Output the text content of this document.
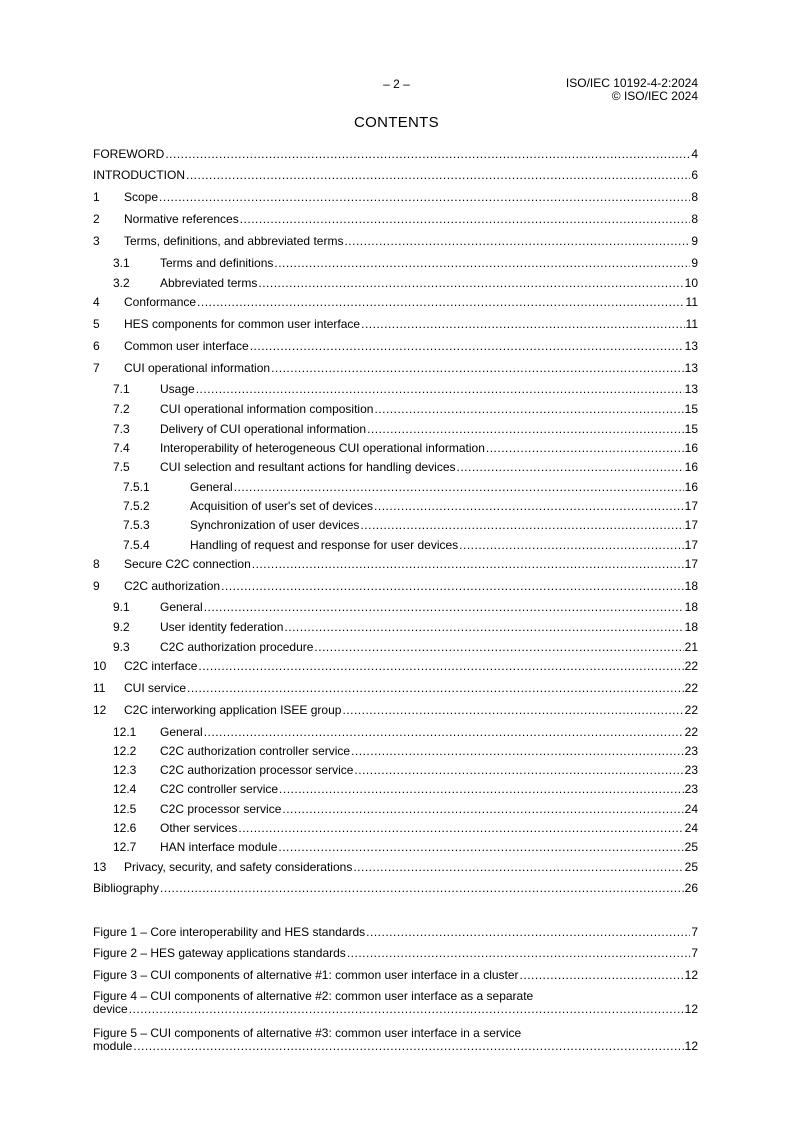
– 2 –	ISO/IEC 10192-4-2:2024
© ISO/IEC 2024
CONTENTS
FOREWORD .....	4
INTRODUCTION .....	6
1	Scope .....	8
2	Normative references .....	8
3	Terms, definitions, and abbreviated terms .....	9
3.1	Terms and definitions .....	9
3.2	Abbreviated terms .....	10
4	Conformance .....	11
5	HES components for common user interface .....	11
6	Common user interface .....	13
7	CUI operational information .....	13
7.1	Usage .....	13
7.2	CUI operational information composition .....	15
7.3	Delivery of CUI operational information .....	15
7.4	Interoperability of heterogeneous CUI operational information .....	16
7.5	CUI selection and resultant actions for handling devices .....	16
7.5.1	General .....	16
7.5.2	Acquisition of user's set of devices .....	17
7.5.3	Synchronization of user devices .....	17
7.5.4	Handling of request and response for user devices .....	17
8	Secure C2C connection .....	17
9	C2C authorization .....	18
9.1	General .....	18
9.2	User identity federation .....	18
9.3	C2C authorization procedure .....	21
10	C2C interface .....	22
11	CUI service .....	22
12	C2C interworking application ISEE group .....	22
12.1	General .....	22
12.2	C2C authorization controller service .....	23
12.3	C2C authorization processor service .....	23
12.4	C2C controller service .....	23
12.5	C2C processor service .....	24
12.6	Other services .....	24
12.7	HAN interface module .....	25
13	Privacy, security, and safety considerations .....	25
Bibliography .....	26
Figure 1 – Core interoperability and HES standards .....	7
Figure 2 – HES gateway applications standards .....	7
Figure 3 – CUI components of alternative #1: common user interface in a cluster .....	12
Figure 4 – CUI components of alternative #2: common user interface as a separate
device .....	12
Figure 5 – CUI components of alternative #3: common user interface in a service
module .....	12
